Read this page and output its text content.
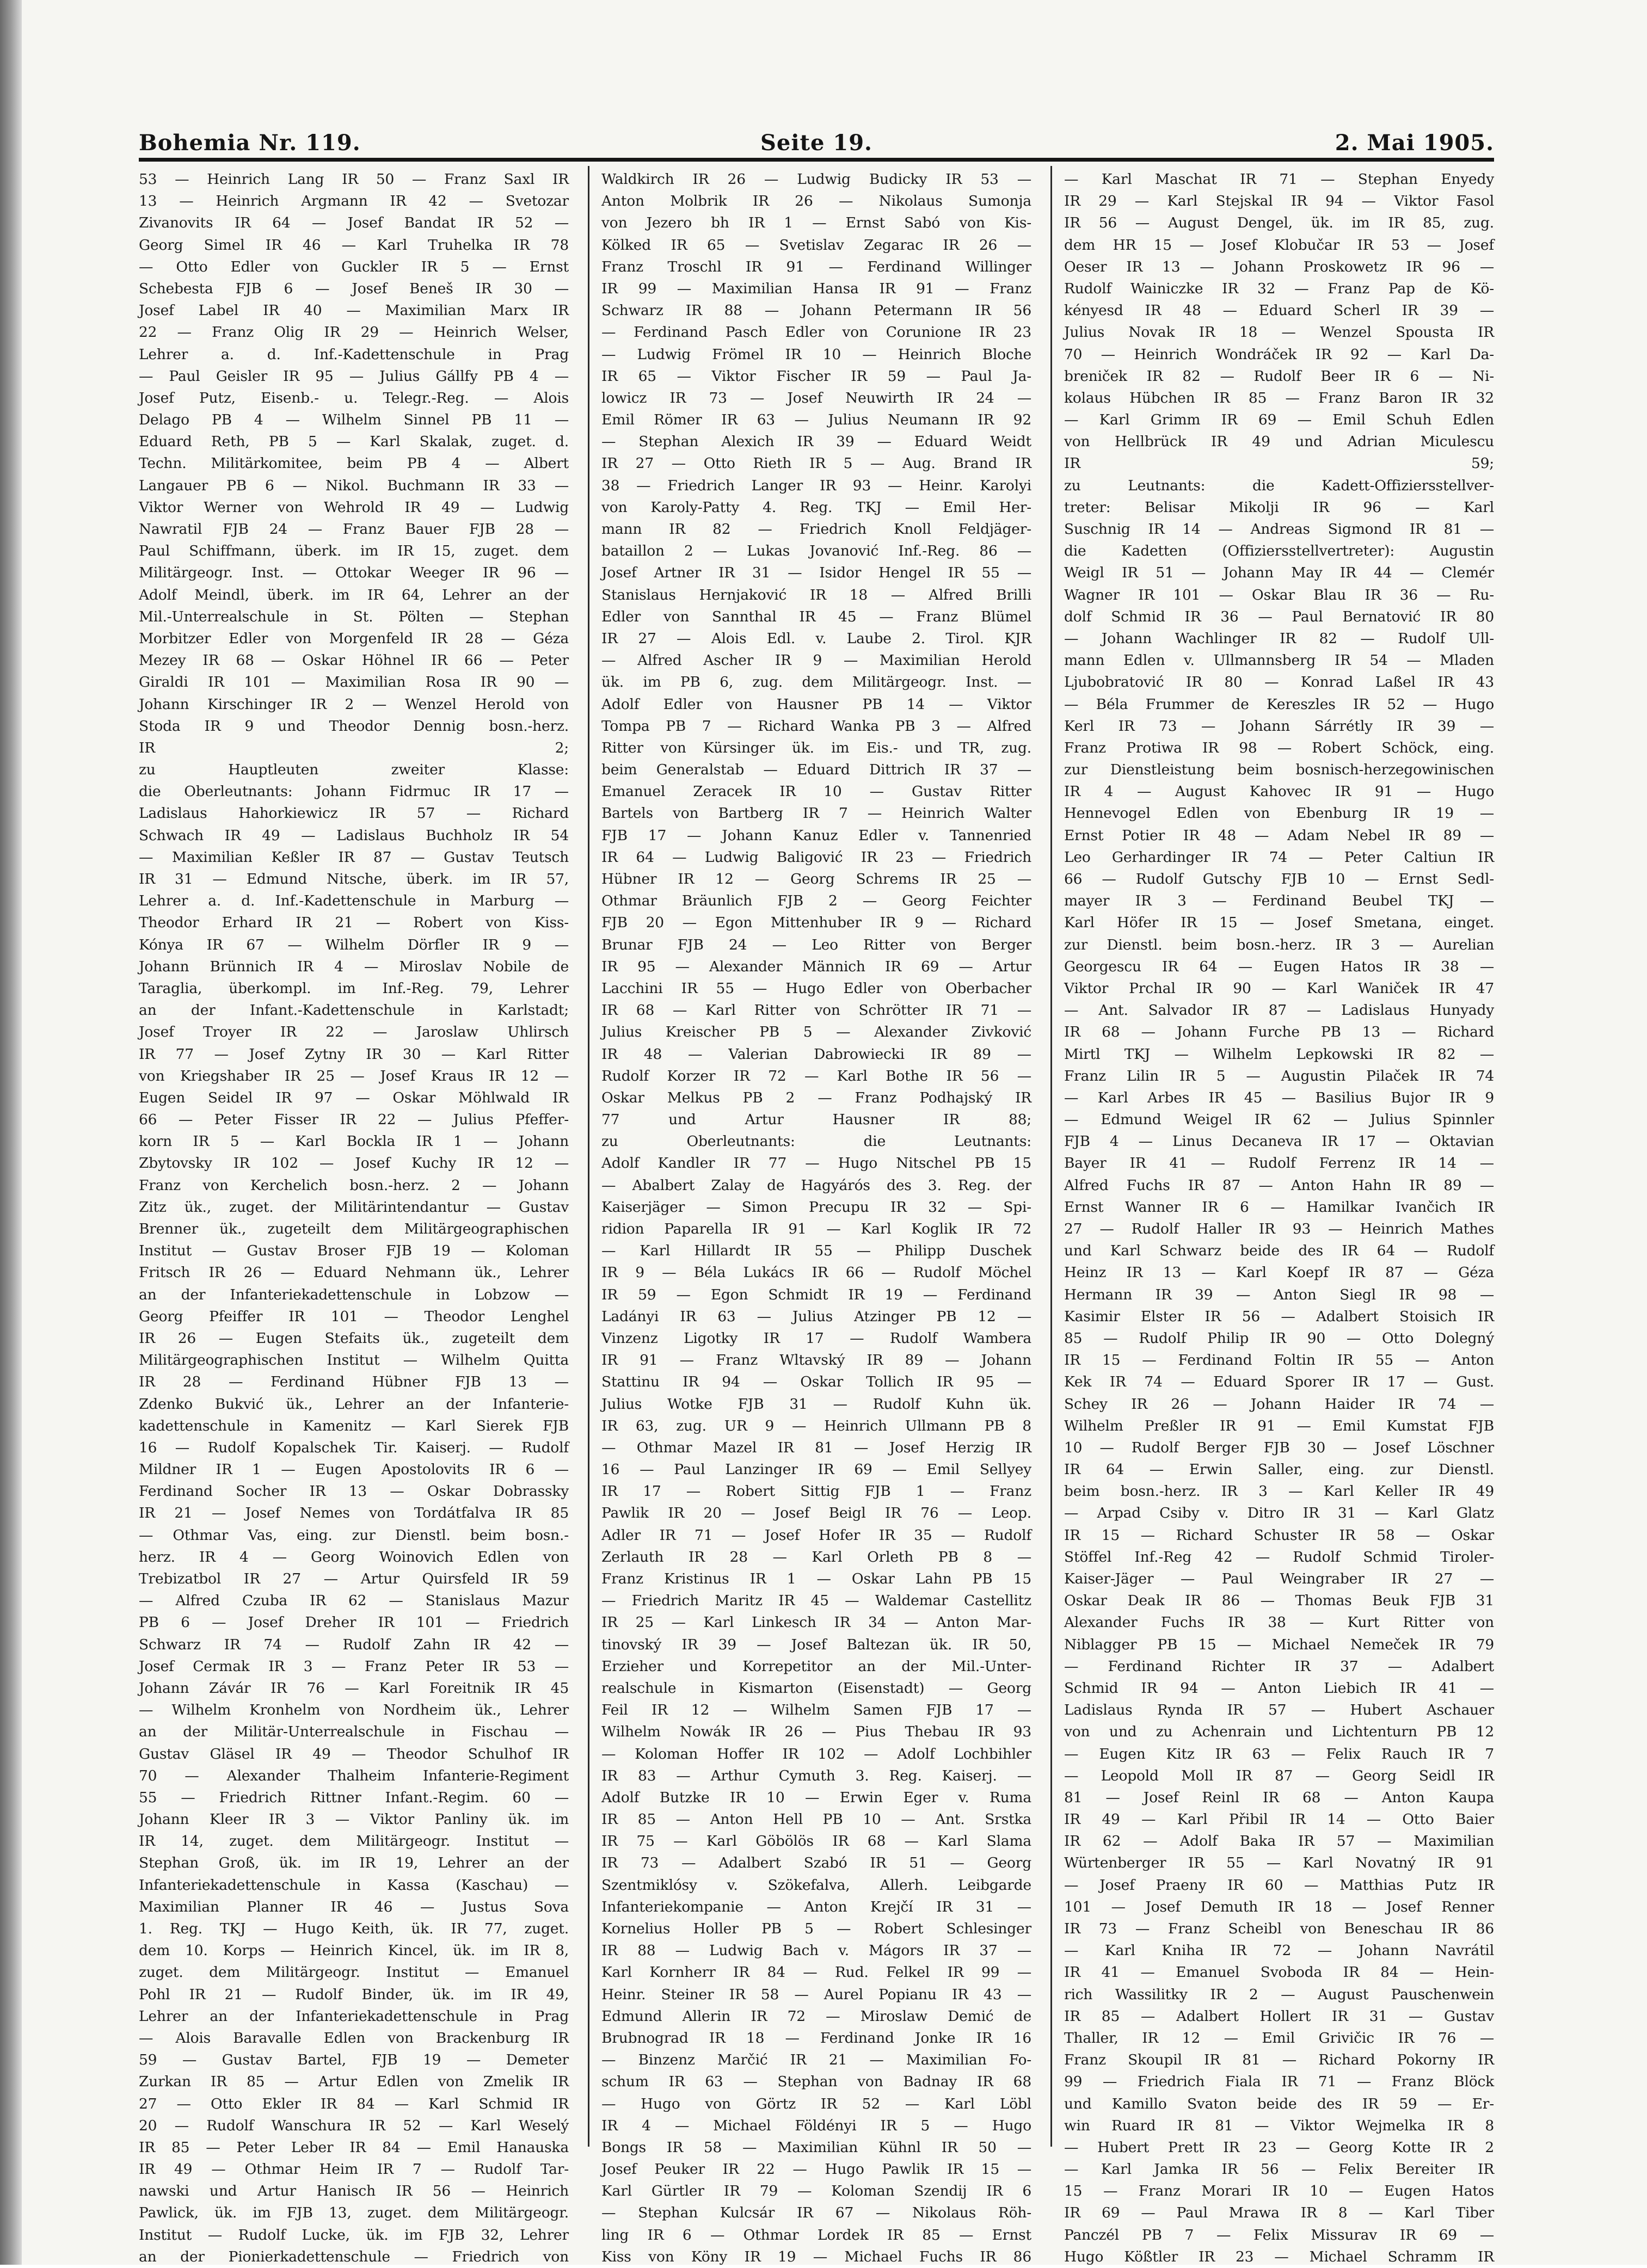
Bohemia Nr. 119.	Seite 19.	2. Mai 1905.
53 — Heinrich Lang IR 50 — Franz Saxl IR
13 — Heinrich Argmann IR 42 — Svetozar
Zivanovits IR 64 — Josef Bandat IR 52 —
Georg Simel IR 46 — Karl Truhelka IR 78
— Otto Edler von Guckler IR 5 — Ernst
Schebesta FJB 6 — Josef Beneš IR 30 —
Josef Label IR 40 — Maximilian Marx IR
22 — Franz Olig IR 29 — Heinrich Welser,
Lehrer a. d. Inf.-Kadettenschule in Prag
— Paul Geisler IR 95 — Julius Gállfy PB 4 —
Josef Putz, Eisenb.- u. Telegr.-Reg. — Alois
Delago PB 4 — Wilhelm Sinnel PB 11 —
Eduard Reth, PB 5 — Karl Skalak, zuget. d.
Techn. Militärkomitee, beim PB 4 — Albert
Langauer PB 6 — Nikol. Buchmann IR 33 —
Viktor Werner von Wehrold IR 49 — Ludwig
Nawratil FJB 24 — Franz Bauer FJB 28 —
Paul Schiffmann, überk. im IR 15, zuget. dem
Militärgeogr. Inst. — Ottokar Weeger IR 96 —
Adolf Meindl, überk. im IR 64, Lehrer an der
Mil.-Unterrealschule in St. Pölten — Stephan
Morbitzer Edler von Morgenfeld IR 28 — Géza
Mezey IR 68 — Oskar Höhnel IR 66 — Peter
Giraldi IR 101 — Maximilian Rosa IR 90 —
Johann Kirschinger IR 2 — Wenzel Herold von
Stoda IR 9 und Theodor Dennig bosn.-herz.
IR 2;
zu Hauptleuten zweiter Klasse:
die Oberleutnants: Johann Fidrmuc IR 17 —
Ladislaus Hahorkiewicz IR 57 — Richard
Schwach IR 49 — Ladislaus Buchholz IR 54
— Maximilian Keßler IR 87 — Gustav Teutsch
IR 31 — Edmund Nitsche, überk. im IR 57,
Lehrer a. d. Inf.-Kadettenschule in Marburg —
Theodor Erhard IR 21 — Robert von Kiss-
Kónya IR 67 — Wilhelm Dörfler IR 9 —
Johann Brünnich IR 4 — Miroslav Nobile de
Taraglia, überkompl. im Inf.-Reg. 79, Lehrer
an der Infant.-Kadettenschule in Karlstadt;
Josef Troyer IR 22 — Jaroslaw Uhlirsch
IR 77 — Josef Zytny IR 30 — Karl Ritter
von Kriegshaber IR 25 — Josef Kraus IR 12 —
Eugen Seidel IR 97 — Oskar Möhlwald IR
66 — Peter Fisser IR 22 — Julius Pfeffer-
korn IR 5 — Karl Bockla IR 1 — Johann
Zbytovsky IR 102 — Josef Kuchy IR 12 —
Franz von Kerchelich bosn.-herz. 2 — Johann
Zitz ük., zuget. der Militärintendantur — Gustav
Brenner ük., zugeteilt dem Militärgeographischen
Institut — Gustav Broser FJB 19 — Koloman
Fritsch IR 26 — Eduard Nehmann ük., Lehrer
an der Infanteriekadettenschule in Lobzow —
Georg Pfeiffer IR 101 — Theodor Lenghel
IR 26 — Eugen Stefaits ük., zugeteilt dem
Militärgeographischen Institut — Wilhelm Quitta
IR 28 — Ferdinand Hübner FJB 13 —
Zdenko Bukvić ük., Lehrer an der Infanterie-
kadettenschule in Kamenitz — Karl Sierek FJB
16 — Rudolf Kopalschek Tir. Kaiserj. — Rudolf
Mildner IR 1 — Eugen Apostolovits IR 6 —
Ferdinand Socher IR 13 — Oskar Dobrassky
IR 21 — Josef Nemes von Tordátfalva IR 85
— Othmar Vas, eing. zur Dienstl. beim bosn.-
herz. IR 4 — Georg Woinovich Edlen von
Trebizatbol IR 27 — Artur Quirsfeld IR 59
— Alfred Czuba IR 62 — Stanislaus Mazur
PB 6 — Josef Dreher IR 101 — Friedrich
Schwarz IR 74 — Rudolf Zahn IR 42 —
Josef Cermak IR 3 — Franz Peter IR 53 —
Johann Závár IR 76 — Karl Foreitnik IR 45
— Wilhelm Kronhelm von Nordheim ük., Lehrer
an der Militär-Unterrealschule in Fischau —
Gustav Gläsel IR 49 — Theodor Schulhof IR
70 — Alexander Thalheim Infanterie-Regiment
55 — Friedrich Rittner Infant.-Regim. 60 —
Johann Kleer IR 3 — Viktor Panliny ük. im
IR 14, zuget. dem Militärgeogr. Institut —
Stephan Groß, ük. im IR 19, Lehrer an der
Infanteriekadettenschule in Kassa (Kaschau) —
Maximilian Planner IR 46 — Justus Sova
1. Reg. TKJ — Hugo Keith, ük. IR 77, zuget.
dem 10. Korps — Heinrich Kincel, ük. im IR 8,
zuget. dem Militärgeogr. Institut — Emanuel
Pohl IR 21 — Rudolf Binder, ük. im IR 49,
Lehrer an der Infanteriekadettenschule in Prag
— Alois Baravalle Edlen von Brackenburg IR
59 — Gustav Bartel, FJB 19 — Demeter
Zurkan IR 85 — Artur Edlen von Zmelik IR
27 — Otto Ekler IR 84 — Karl Schmid IR
20 — Rudolf Wanschura IR 52 — Karl Weselý
IR 85 — Peter Leber IR 84 — Emil Hanauska
IR 49 — Othmar Heim IR 7 — Rudolf Tar-
nawski und Artur Hanisch IR 56 — Heinrich
Pawlick, ük. im FJB 13, zuget. dem Militärgeogr.
Institut — Rudolf Lucke, ük. im FJB 32, Lehrer
an der Pionierkadettenschule — Friedrich von
Waldkirch IR 26 — Ludwig Budicky IR 53 —
Anton Molbrik IR 26 — Nikolaus Sumonja
von Jezero bh IR 1 — Ernst Sabó von Kis-
Kölked IR 65 — Svetislav Zegarac IR 26 —
Franz Troschl IR 91 — Ferdinand Willinger
IR 99 — Maximilian Hansa IR 91 — Franz
Schwarz IR 88 — Johann Petermann IR 56
— Ferdinand Pasch Edler von Corunione IR 23
— Ludwig Frömel IR 10 — Heinrich Bloche
IR 65 — Viktor Fischer IR 59 — Paul Ja-
lowicz IR 73 — Josef Neuwirth IR 24 —
Emil Römer IR 63 — Julius Neumann IR 92
— Stephan Alexich IR 39 — Eduard Weidt
IR 27 — Otto Rieth IR 5 — Aug. Brand IR
38 — Friedrich Langer IR 93 — Heinr. Karolyi
von Karoly-Patty 4. Reg. TKJ — Emil Her-
mann IR 82 — Friedrich Knoll Feldjäger-
bataillon 2 — Lukas Jovanović Inf.-Reg. 86 —
Josef Artner IR 31 — Isidor Hengel IR 55 —
Stanislaus Hernjaković IR 18 — Alfred Brilli
Edler von Sannthal IR 45 — Franz Blümel
IR 27 — Alois Edl. v. Laube 2. Tirol. KJR
— Alfred Ascher IR 9 — Maximilian Herold
ük. im PB 6, zug. dem Militärgeogr. Inst. —
Adolf Edler von Hausner PB 14 — Viktor
Tompa PB 7 — Richard Wanka PB 3 — Alfred
Ritter von Kürsinger ük. im Eis.- und TR, zug.
beim Generalstab — Eduard Dittrich IR 37 —
Emanuel Zeracek IR 10 — Gustav Ritter
Bartels von Bartberg IR 7 — Heinrich Walter
FJB 17 — Johann Kanuz Edler v. Tannenried
IR 64 — Ludwig Baligović IR 23 — Friedrich
Hübner IR 12 — Georg Schrems IR 25 —
Othmar Bräunlich FJB 2 — Georg Feichter
FJB 20 — Egon Mittenhuber IR 9 — Richard
Brunar FJB 24 — Leo Ritter von Berger
IR 95 — Alexander Männich IR 69 — Artur
Lacchini IR 55 — Hugo Edler von Oberbacher
IR 68 — Karl Ritter von Schrötter IR 71 —
Julius Kreischer PB 5 — Alexander Zivković
IR 48 — Valerian Dabrowiecki IR 89 —
Rudolf Korzer IR 72 — Karl Bothe IR 56 —
Oskar Melkus PB 2 — Franz Podhajský IR
77 und Artur Hausner IR 88;
zu Oberleutnants: die Leutnants:
Adolf Kandler IR 77 — Hugo Nitschel PB 15
— Abalbert Zalay de Hagyárós des 3. Reg. der
Kaiserjäger — Simon Precupu IR 32 — Spi-
ridion Paparella IR 91 — Karl Koglik IR 72
— Karl Hillardt IR 55 — Philipp Duschek
IR 9 — Béla Lukács IR 66 — Rudolf Möchel
IR 59 — Egon Schmidt IR 19 — Ferdinand
Ladányi IR 63 — Julius Atzinger PB 12 —
Vinzenz Ligotky IR 17 — Rudolf Wambera
IR 91 — Franz Wltavský IR 89 — Johann
Stattinu IR 94 — Oskar Tollich IR 95 —
Julius Wotke FJB 31 — Rudolf Kuhn ük.
IR 63, zug. UR 9 — Heinrich Ullmann PB 8
— Othmar Mazel IR 81 — Josef Herzig IR
16 — Paul Lanzinger IR 69 — Emil Sellyey
IR 17 — Robert Sittig FJB 1 — Franz
Pawlik IR 20 — Josef Beigl IR 76 — Leop.
Adler IR 71 — Josef Hofer IR 35 — Rudolf
Zerlauth IR 28 — Karl Orleth PB 8 —
Franz Kristinus IR 1 — Oskar Lahn PB 15
— Friedrich Maritz IR 45 — Waldemar Castellitz
IR 25 — Karl Linkesch IR 34 — Anton Mar-
tinovský IR 39 — Josef Baltezan ük. IR 50,
Erzieher und Korrepetitor an der Mil.-Unter-
realschule in Kismarton (Eisenstadt) — Georg
Feil IR 12 — Wilhelm Samen FJB 17 —
Wilhelm Nowák IR 26 — Pius Thebau IR 93
— Koloman Hoffer IR 102 — Adolf Lochbihler
IR 83 — Arthur Cymuth 3. Reg. Kaiserj. —
Adolf Butzke IR 10 — Erwin Eger v. Ruma
IR 85 — Anton Hell PB 10 — Ant. Srstka
IR 75 — Karl Göbölös IR 68 — Karl Slama
IR 73 — Adalbert Szabó IR 51 — Georg
Szentmiklósy v. Szökefalva, Allerh. Leibgarde
Infanteriekompanie — Anton Krejčí IR 31 —
Kornelius Holler PB 5 — Robert Schlesinger
IR 88 — Ludwig Bach v. Mágors IR 37 —
Karl Kornherr IR 84 — Rud. Felkel IR 99 —
Heinr. Steiner IR 58 — Aurel Popianu IR 43 —
Edmund Allerin IR 72 — Miroslaw Demić de
Brubnograd IR 18 — Ferdinand Jonke IR 16
— Binzenz Marčić IR 21 — Maximilian Fo-
schum IR 63 — Stephan von Badnay IR 68
— Hugo von Görtz IR 52 — Karl Löbl
IR 4 — Michael Földényi IR 5 — Hugo
Bongs IR 58 — Maximilian Kühnl IR 50 —
Josef Peuker IR 22 — Hugo Pawlik IR 15 —
Karl Gürtler IR 79 — Koloman Szendij IR 6
— Stephan Kulcsár IR 67 — Nikolaus Röh-
ling IR 6 — Othmar Lordek IR 85 — Ernst
Kiss von Köny IR 19 — Michael Fuchs IR 86
— Karl Maschat IR 71 — Stephan Enyedy
IR 29 — Karl Stejskal IR 94 — Viktor Fasol
IR 56 — August Dengel, ük. im IR 85, zug.
dem HR 15 — Josef Klobučar IR 53 — Josef
Oeser IR 13 — Johann Proskowetz IR 96 —
Rudolf Wainiczke IR 32 — Franz Pap de Kö-
kényesd IR 48 — Eduard Scherl IR 39 —
Julius Novak IR 18 — Wenzel Spousta IR
70 — Heinrich Wondráček IR 92 — Karl Da-
breniček IR 82 — Rudolf Beer IR 6 — Ni-
kolaus Hübchen IR 85 — Franz Baron IR 32
— Karl Grimm IR 69 — Emil Schuh Edlen
von Hellbrück IR 49 und Adrian Miculescu
IR 59;
zu Leutnants: die Kadett-Offiziersstellver-
treter: Belisar Mikolji IR 96 — Karl
Suschnig IR 14 — Andreas Sigmond IR 81 —
die Kadetten (Offiziersstellvertreter): Augustin
Weigl IR 51 — Johann May IR 44 — Clemér
Wagner IR 101 — Oskar Blau IR 36 — Ru-
dolf Schmid IR 36 — Paul Bernatović IR 80
— Johann Wachlinger IR 82 — Rudolf Ull-
mann Edlen v. Ullmannsberg IR 54 — Mladen
Ljubobratović IR 80 — Konrad Laßel IR 43
— Béla Frummer de Kereszles IR 52 — Hugo
Kerl IR 73 — Johann Sárrétly IR 39 —
Franz Protiwa IR 98 — Robert Schöck, eing.
zur Dienstleistung beim bosnisch-herzegowinischen
IR 4 — August Kahovec IR 91 — Hugo
Hennevogel Edlen von Ebenburg IR 19 —
Ernst Potier IR 48 — Adam Nebel IR 89 —
Leo Gerhardinger IR 74 — Peter Caltiun IR
66 — Rudolf Gutschy FJB 10 — Ernst Sedl-
mayer IR 3 — Ferdinand Beubel TKJ —
Karl Höfer IR 15 — Josef Smetana, einget.
zur Dienstl. beim bosn.-herz. IR 3 — Aurelian
Georgescu IR 64 — Eugen Hatos IR 38 —
Viktor Prchal IR 90 — Karl Waniček IR 47
— Ant. Salvador IR 87 — Ladislaus Hunyady
IR 68 — Johann Furche PB 13 — Richard
Mirtl TKJ — Wilhelm Lepkowski IR 82 —
Franz Lilin IR 5 — Augustin Pilaček IR 74
— Karl Arbes IR 45 — Basilius Bujor IR 9
— Edmund Weigel IR 62 — Julius Spinnler
FJB 4 — Linus Decaneva IR 17 — Oktavian
Bayer IR 41 — Rudolf Ferrenz IR 14 —
Alfred Fuchs IR 87 — Anton Hahn IR 89 —
Ernst Wanner IR 6 — Hamilkar Ivančich IR
27 — Rudolf Haller IR 93 — Heinrich Mathes
und Karl Schwarz beide des IR 64 — Rudolf
Heinz IR 13 — Karl Koepf IR 87 — Géza
Hermann IR 39 — Anton Siegl IR 98 —
Kasimir Elster IR 56 — Adalbert Stoisich IR
85 — Rudolf Philip IR 90 — Otto Dolegný
IR 15 — Ferdinand Foltin IR 55 — Anton
Kek IR 74 — Eduard Sporer IR 17 — Gust.
Schey IR 26 — Johann Haider IR 74 —
Wilhelm Preßler IR 91 — Emil Kumstat FJB
10 — Rudolf Berger FJB 30 — Josef Löschner
IR 64 — Erwin Saller, eing. zur Dienstl.
beim bosn.-herz. IR 3 — Karl Keller IR 49
— Arpad Csiby v. Ditro IR 31 — Karl Glatz
IR 15 — Richard Schuster IR 58 — Oskar
Stöffel Inf.-Reg 42 — Rudolf Schmid Tiroler-
Kaiser-Jäger — Paul Weingraber IR 27 —
Oskar Deak IR 86 — Thomas Beuk FJB 31
Alexander Fuchs IR 38 — Kurt Ritter von
Niblagger PB 15 — Michael Nemeček IR 79
— Ferdinand Richter IR 37 — Adalbert
Schmid IR 94 — Anton Liebich IR 41 —
Ladislaus Rynda IR 57 — Hubert Aschauer
von und zu Achenrain und Lichtenturn PB 12
— Eugen Kitz IR 63 — Felix Rauch IR 7
— Leopold Moll IR 87 — Georg Seidl IR
81 — Josef Reinl IR 68 — Anton Kaupa
IR 49 — Karl Přibil IR 14 — Otto Baier
IR 62 — Adolf Baka IR 57 — Maximilian
Würtenberger IR 55 — Karl Novatný IR 91
— Josef Praeny IR 60 — Matthias Putz IR
101 — Josef Demuth IR 18 — Josef Renner
IR 73 — Franz Scheibl von Beneschau IR 86
— Karl Kniha IR 72 — Johann Navrátil
IR 41 — Emanuel Svoboda IR 84 — Hein-
rich Wassilitky IR 2 — August Pauschenwein
IR 85 — Adalbert Hollert IR 31 — Gustav
Thaller, IR 12 — Emil Grivičic IR 76 —
Franz Skoupil IR 81 — Richard Pokorny IR
99 — Friedrich Fiala IR 71 — Franz Blöck
und Kamillo Svaton beide des IR 59 — Er-
win Ruard IR 81 — Viktor Wejmelka IR 8
— Hubert Prett IR 23 — Georg Kotte IR 2
— Karl Jamka IR 56 — Felix Bereiter IR
15 — Franz Morari IR 10 — Eugen Hatos
IR 69 — Paul Mrawa IR 8 — Karl Tiber
Panczél PB 7 — Felix Missurav IR 69 —
Hugo Kößtler IR 23 — Michael Schramm IR
